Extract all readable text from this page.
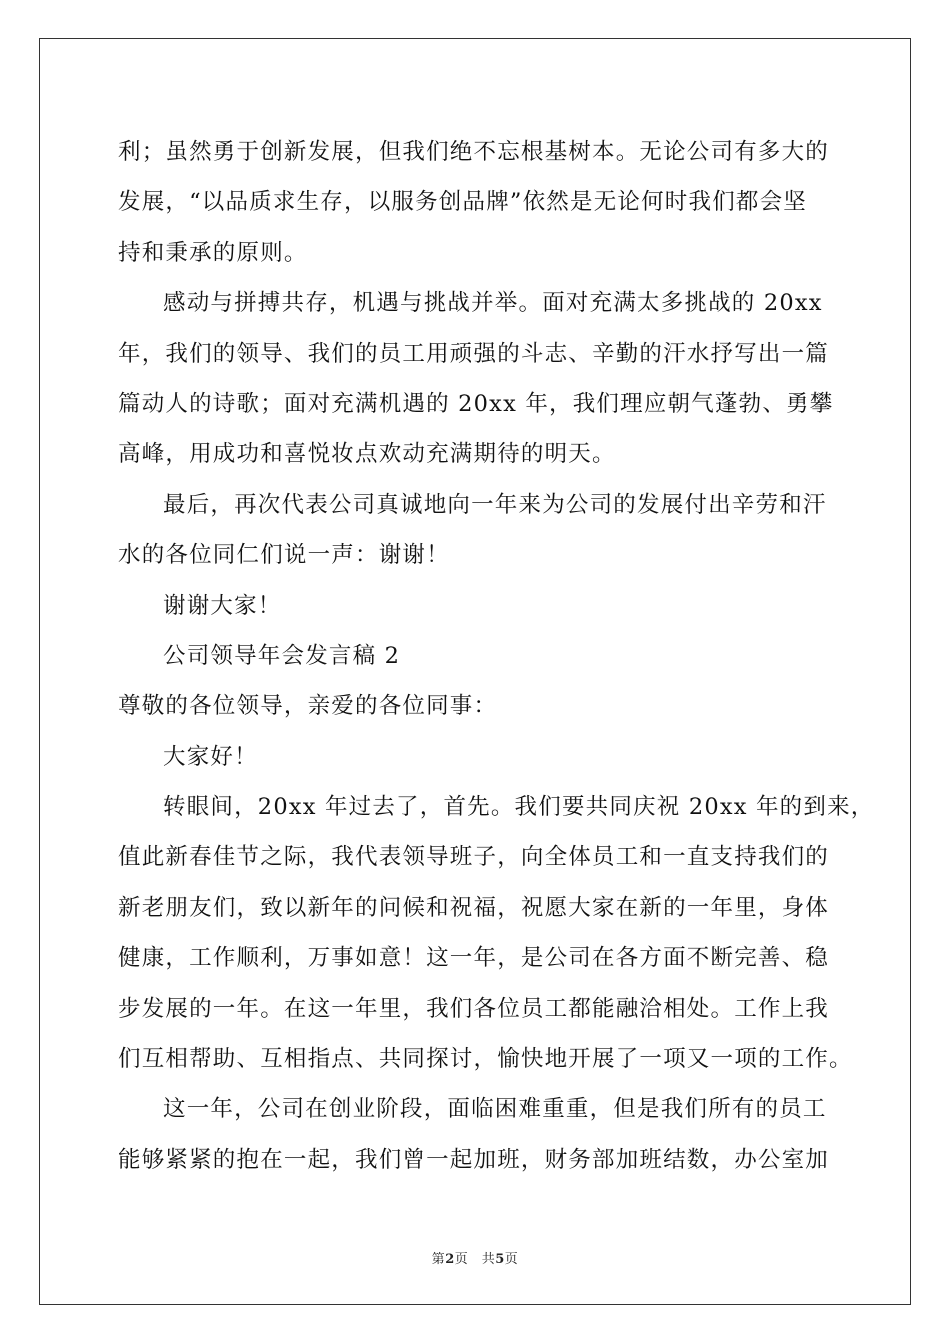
利；虽然勇于创新发展，但我们绝不忘根基树本。无论公司有多大的
发展，“以品质求生存，以服务创品牌”依然是无论何时我们都会坚
持和秉承的原则。
感动与拼搏共存，机遇与挑战并举。面对充满太多挑战的 20xx
年，我们的领导、我们的员工用顽强的斗志、辛勤的汗水抒写出一篇
篇动人的诗歌；面对充满机遇的 20xx 年，我们理应朝气蓬勃、勇攀
高峰，用成功和喜悦妆点欢动充满期待的明天。
最后，再次代表公司真诚地向一年来为公司的发展付出辛劳和汗
水的各位同仁们说一声：谢谢！
谢谢大家！
公司领导年会发言稿 2
尊敬的各位领导，亲爱的各位同事：
大家好！
转眼间，20xx 年过去了，首先。我们要共同庆祝 20xx 年的到来，
值此新春佳节之际，我代表领导班子，向全体员工和一直支持我们的
新老朋友们，致以新年的问候和祝福，祝愿大家在新的一年里，身体
健康，工作顺利，万事如意！这一年，是公司在各方面不断完善、稳
步发展的一年。在这一年里，我们各位员工都能融洽相处。工作上我
们互相帮助、互相指点、共同探讨，愉快地开展了一项又一项的工作。
这一年，公司在创业阶段，面临困难重重，但是我们所有的员工
能够紧紧的抱在一起，我们曾一起加班，财务部加班结数，办公室加
第2页　共5页
